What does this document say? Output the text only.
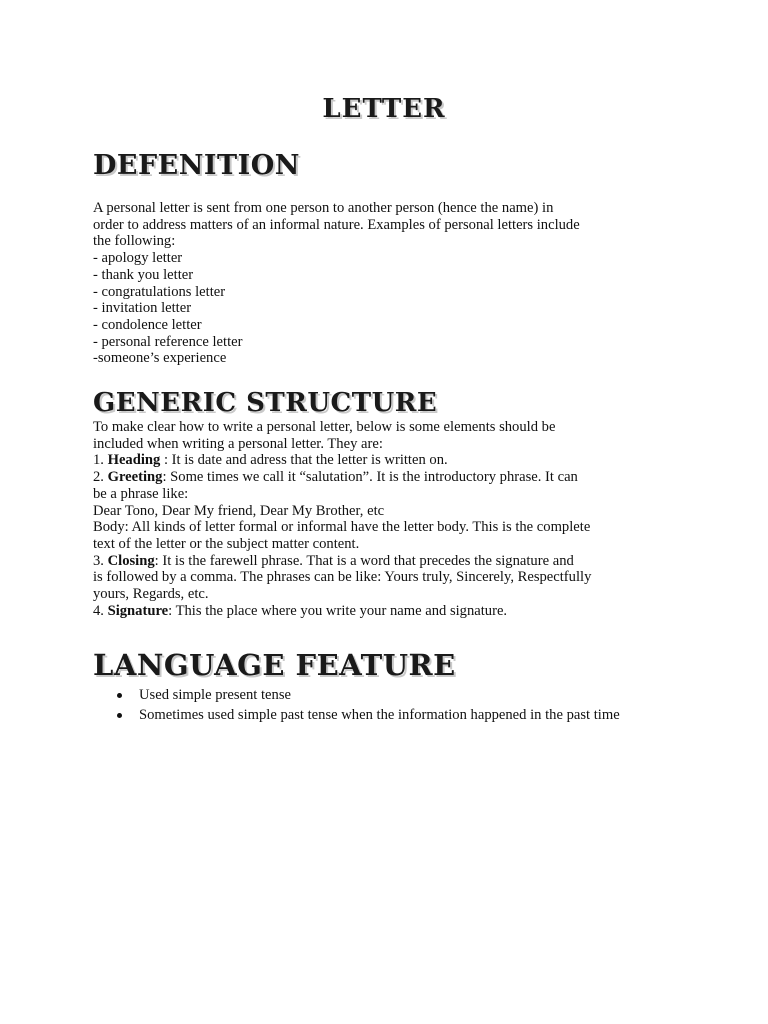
LETTER
DEFENITION

A personal letter is sent from one person to another person (hence the name) in
order to address matters of an informal nature. Examples of personal letters include
the following:
- apology letter
- thank you letter
- congratulations letter
- invitation letter
- condolence letter
- personal reference letter
-someone’s experience

GENERIC STRUCTURE

To make clear how to write a personal letter, below is some elements should be
included when writing a personal letter. They are:
1. Heading : It is date and adress that the letter is written on.
2. Greeting: Some times we call it “salutation”. It is the introductory phrase. It can
be a phrase like:
Dear Tono, Dear My friend, Dear My Brother, etc
Body: All kinds of letter formal or informal have the letter body. This is the complete
text of the letter or the subject matter content.
3. Closing: It is the farewell phrase. That is a word that precedes the signature and
is followed by a comma. The phrases can be like: Yours truly, Sincerely, Respectfully
yours, Regards, etc.
4. Signature: This the place where you write your name and signature.

LANGUAGE FEATURE
Used simple present tense
Sometimes used simple past tense when the information happened in the past time
